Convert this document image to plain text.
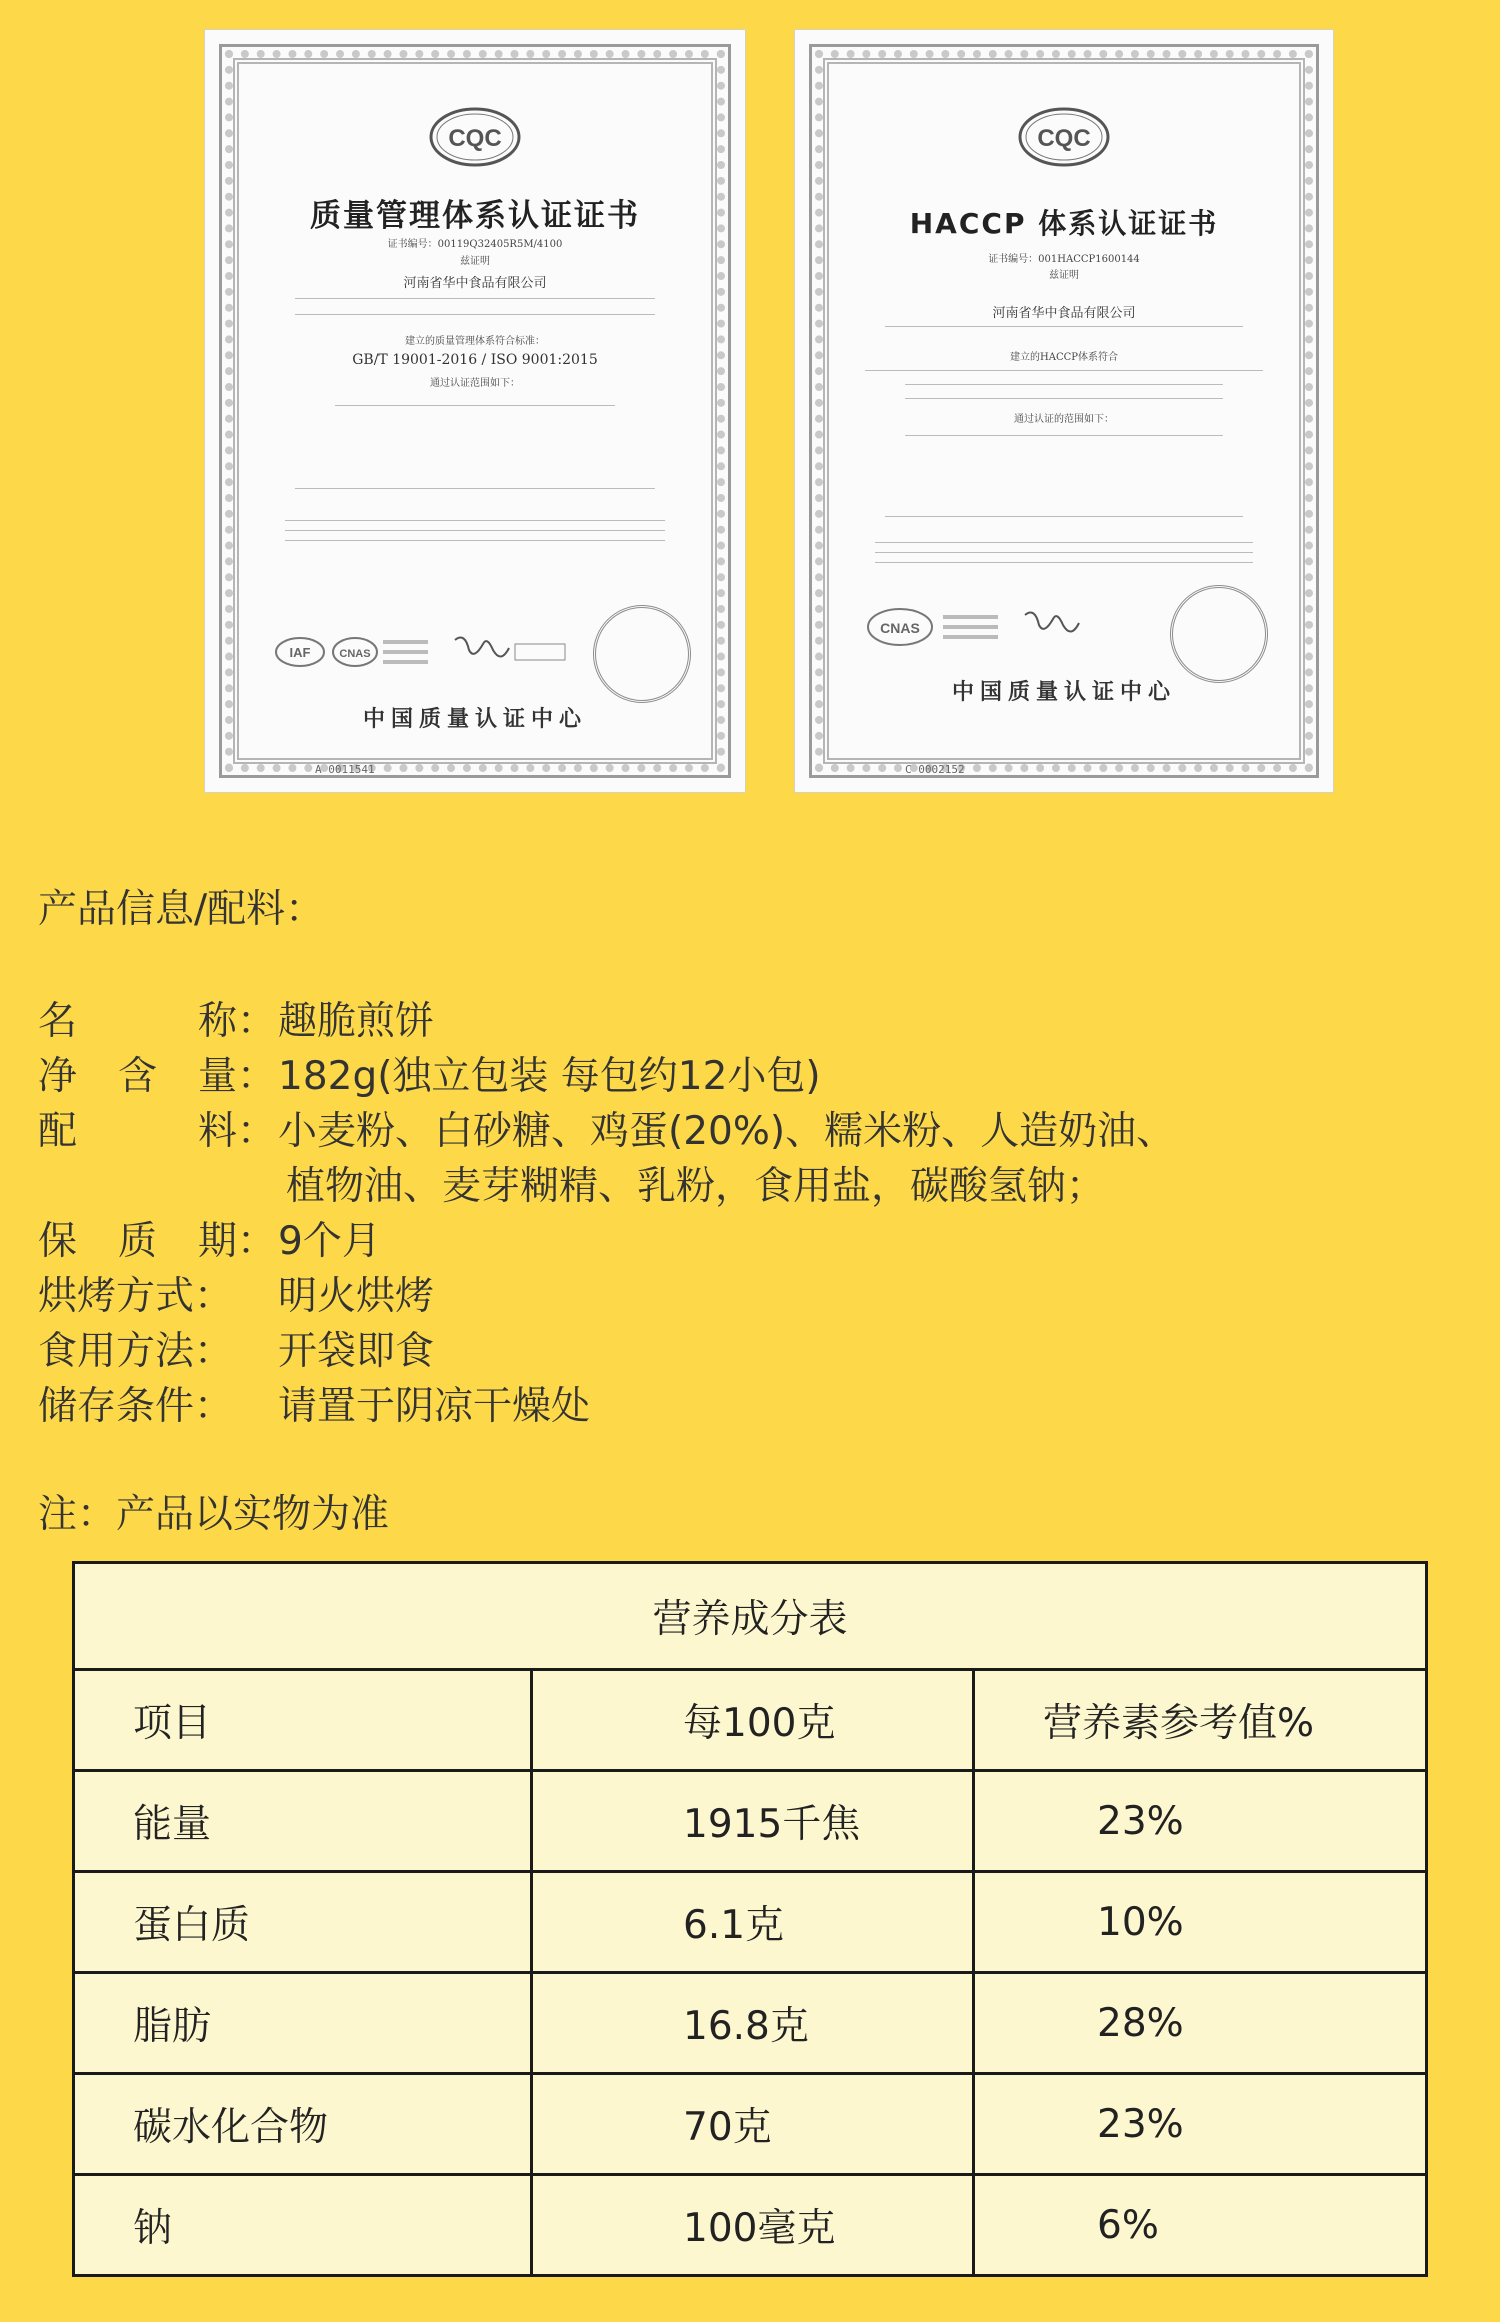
CQC
质量管理体系认证证书
证书编号：00119Q32405R5M/4100
兹证明
河南省华中食品有限公司
建立的质量管理体系符合标准：
GB/T 19001-2016 / ISO 9001:2015
通过认证范围如下：
IAF	CNAS
中国质量认证中心
A 0011541
CQC
HACCP 体系认证证书
证书编号：001HACCP1600144
兹证明
河南省华中食品有限公司
建立的HACCP体系符合
通过认证的范围如下：
CNAS
中国质量认证中心
C 0002152
产品信息/配料：
名	称： 趣脆煎饼
净 含 量： 182g(独立包装 每包约12小包)
配	料： 小麦粉、白砂糖、鸡蛋(20%)、糯米粉、人造奶油、
植物油、麦芽糊精、乳粉，食用盐，碳酸氢钠；
保 质 期： 9个月
烘烤方式： 明火烘烤
食用方法： 开袋即食
储存条件： 请置于阴凉干燥处
注：产品以实物为准
营养成分表		
项目	每100克	营养素参考值%
能量	1915千焦	23%
蛋白质	6.1克	10%
脂肪	16.8克	28%
碳水化合物	70克	23%
钠	100毫克	6%
